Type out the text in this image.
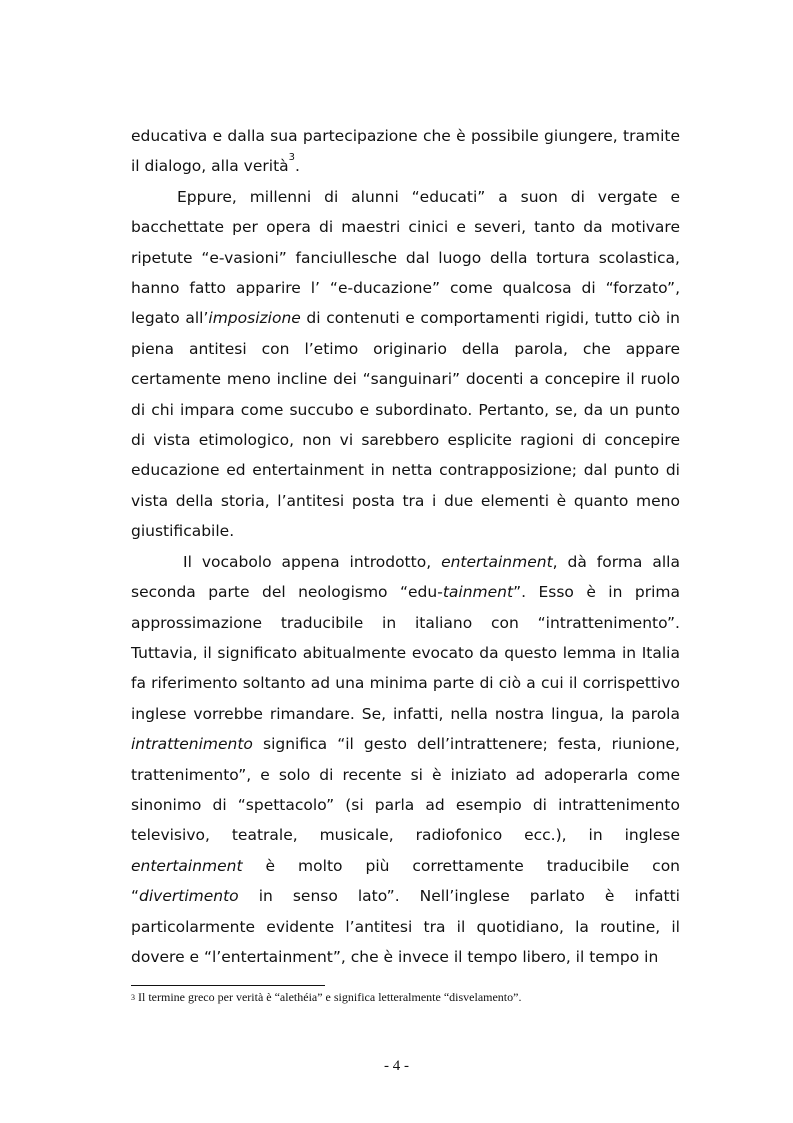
educativa e dalla sua partecipazione che è possibile giungere, tramite il dialogo, alla verità$^3$.

Eppure, millenni di alunni “educati” a suon di vergate e bacchettate per opera di maestri cinici e severi, tanto da motivare ripetute “e-vasioni” fanciullesche dal luogo della tortura scolastica, hanno fatto apparire l’ “e-ducazione” come qualcosa di “forzato”, legato all’imposizione di contenuti e comportamenti rigidi, tutto ciò in piena antitesi con l’etimo originario della parola, che appare certamente meno incline dei “sanguinari” docenti a concepire il ruolo di chi impara come succubo e subordinato. Pertanto, se, da un punto di vista etimologico, non vi sarebbero esplicite ragioni di concepire educazione ed entertainment in netta contrapposizione; dal punto di vista della storia, l’antitesi posta tra i due elementi è quanto meno giustificabile.

Il vocabolo appena introdotto, entertainment, dà forma alla seconda parte del neologismo “edu-tainment”. Esso è in prima approssimazione traducibile in italiano con “intrattenimento”. Tuttavia, il significato abitualmente evocato da questo lemma in Italia fa riferimento soltanto ad una minima parte di ciò a cui il corrispettivo inglese vorrebbe rimandare. Se, infatti, nella nostra lingua, la parola intrattenimento significa “il gesto dell’intrattenere; festa, riunione, trattenimento”, e solo di recente si è iniziato ad adoperarla come sinonimo di “spettacolo” (si parla ad esempio di intrattenimento televisivo, teatrale, musicale, radiofonico ecc.), in inglese entertainment è molto più correttamente traducibile con “divertimento in senso lato”. Nell’inglese parlato è infatti particolarmente evidente l’antitesi tra il quotidiano, la routine, il dovere e “l’entertainment”, che è invece il tempo libero, il tempo in

$^3$ Il termine greco per verità è “alethéia” e significa letteralmente “disvelamento”.
- 4 -
